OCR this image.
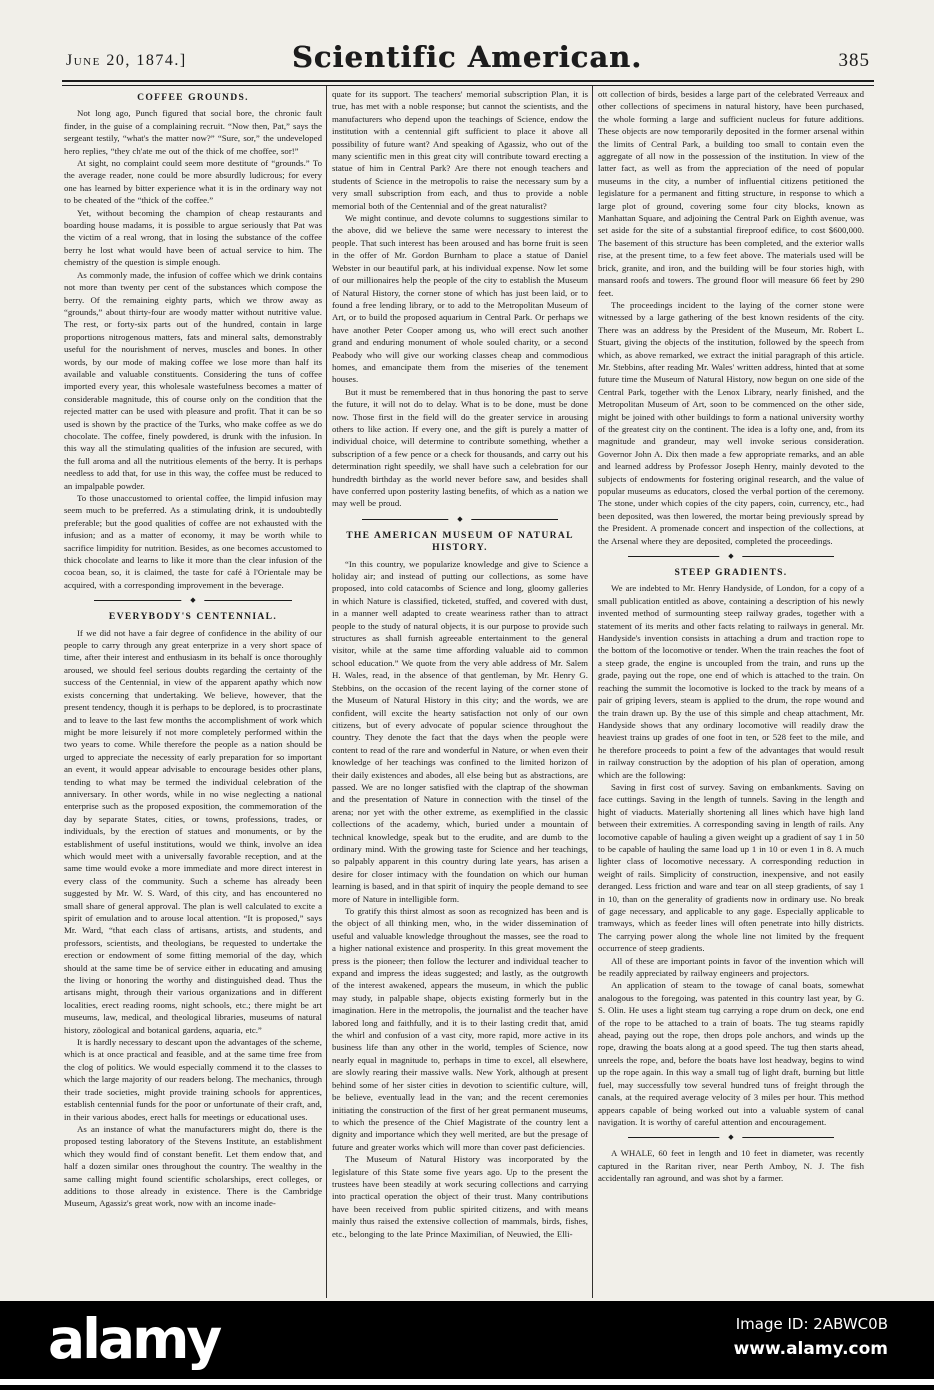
June 20, 1874.]	Scientific American.	385
COFFEE GROUNDS.

Not long ago, Punch figured that social bore, the chronic fault finder, in the guise of a complaining recruit. “Now then, Pat,” says the sergeant testily, “what's the matter now?” “Sure, sor,” the undeveloped hero replies, “they ch'ate me out of the thick of me choffee, sor!”

At sight, no complaint could seem more destitute of “grounds.” To the average reader, none could be more absurdly ludicrous; for every one has learned by bitter experience what it is in the ordinary way not to be cheated of the “thick of the coffee.”

Yet, without becoming the champion of cheap restaurants and boarding house madams, it is possible to argue seriously that Pat was the victim of a real wrong, that in losing the substance of the coffee berry he lost what would have been of actual service to him. The chemistry of the question is simple enough.

As commonly made, the infusion of coffee which we drink contains not more than twenty per cent of the substances which compose the berry. Of the remaining eighty parts, which we throw away as “grounds,” about thirty-four are woody matter without nutritive value. The rest, or forty-six parts out of the hundred, contain in large proportions nitrogenous matters, fats and mineral salts, demonstrably useful for the nourishment of nerves, muscles and bones. In other words, by our mode of making coffee we lose more than half its available and valuable constituents. Considering the tuns of coffee imported every year, this wholesale wastefulness becomes a matter of considerable magnitude, this of course only on the condition that the rejected matter can be used with pleasure and profit. That it can be so used is shown by the practice of the Turks, who make coffee as we do chocolate. The coffee, finely powdered, is drunk with the infusion. In this way all the stimulating qualities of the infusion are secured, with the full aroma and all the nutritious elements of the berry. It is perhaps needless to add that, for use in this way, the coffee must be reduced to an impalpable powder.

To those unaccustomed to oriental coffee, the limpid infusion may seem much to be preferred. As a stimulating drink, it is undoubtedly preferable; but the good qualities of coffee are not exhausted with the infusion; and as a matter of economy, it may be worth while to sacrifice limpidity for nutrition. Besides, as one becomes accustomed to thick chocolate and learns to like it more than the clear infusion of the cocoa bean, so, it is claimed, the taste for café à l'Orientale may be acquired, with a corresponding improvement in the beverage.

◆
EVERYBODY'S CENTENNIAL.

If we did not have a fair degree of confidence in the ability of our people to carry through any great enterprize in a very short space of time, after their interest and enthusiasm in its behalf is once thoroughly aroused, we should feel serious doubts regarding the certainty of the success of the Centennial, in view of the apparent apathy which now exists concerning that undertaking. We believe, however, that the present tendency, though it is perhaps to be deplored, is to procrastinate and to leave to the last few months the accomplishment of work which might be more leisurely if not more completely performed within the two years to come. While therefore the people as a nation should be urged to appreciate the necessity of early preparation for so important an event, it would appear advisable to encourage besides other plans, tending to what may be termed the individual celebration of the anniversary. In other words, while in no wise neglecting a national enterprise such as the proposed exposition, the commemoration of the day by separate States, cities, or towns, professions, trades, or individuals, by the erection of statues and monuments, or by the establishment of useful institutions, would we think, involve an idea which would meet with a universally favorable reception, and at the same time would evoke a more immediate and more direct interest in every class of the community. Such a scheme has already been suggested by Mr. W. S. Ward, of this city, and has encountered no small share of general approval. The plan is well calculated to excite a spirit of emulation and to arouse local attention. “It is proposed,” says Mr. Ward, “that each class of artisans, artists, and students, and professors, scientists, and theologians, be requested to undertake the erection or endowment of some fitting memorial of the day, which should at the same time be of service either in educating and amusing the living or honoring the worthy and distinguished dead. Thus the artisans might, through their various organizations and in different localities, erect reading rooms, night schools, etc.; there might be art museums, law, medical, and theological libraries, museums of natural history, zöological and botanical gardens, aquaria, etc.”

It is hardly necessary to descant upon the advantages of the scheme, which is at once practical and feasible, and at the same time free from the clog of politics. We would especially commend it to the classes to which the large majority of our readers belong. The mechanics, through their trade societies, might provide training schools for apprentices, establish centennial funds for the poor or unfortunate of their craft, and, in their various abodes, erect halls for meetings or educational uses.

As an instance of what the manufacturers might do, there is the proposed testing laboratory of the Stevens Institute, an establishment which they would find of constant benefit. Let them endow that, and half a dozen similar ones throughout the country. The wealthy in the same calling might found scientific scholarships, erect colleges, or additions to those already in existence. There is the Cambridge Museum, Agassiz's great work, now with an income inade-

quate for its support. The teachers' memorial subscription Plan, it is true, has met with a noble response; but cannot the scientists, and the manufacturers who depend upon the teachings of Science, endow the institution with a centennial gift sufficient to place it above all possibility of future want? And speaking of Agassiz, who out of the many scientific men in this great city will contribute toward erecting a statue of him in Central Park? Are there not enough teachers and students of Science in the metropolis to raise the necessary sum by a very small subscription from each, and thus to provide a noble memorial both of the Centennial and of the great naturalist?

We might continue, and devote columns to suggestions similar to the above, did we believe the same were necessary to interest the people. That such interest has been aroused and has borne fruit is seen in the offer of Mr. Gordon Burnham to place a statue of Daniel Webster in our beautiful park, at his individual expense. Now let some of our millionaires help the people of the city to establish the Museum of Natural History, the corner stone of which has just been laid, or to found a free lending library, or to add to the Metropolitan Museum of Art, or to build the proposed aquarium in Central Park. Or perhaps we have another Peter Cooper among us, who will erect such another grand and enduring monument of whole souled charity, or a second Peabody who will give our working classes cheap and commodious homes, and emancipate them from the miseries of the tenement houses.

But it must be remembered that in thus honoring the past to serve the future, it will not do to delay. What is to be done, must be done now. Those first in the field will do the greater service in arousing others to like action. If every one, and the gift is purely a matter of individual choice, will determine to contribute something, whether a subscription of a few pence or a check for thousands, and carry out his determination right speedily, we shall have such a celebration for our hundredth birthday as the world never before saw, and besides shall have conferred upon posterity lasting benefits, of which as a nation we may well be proud.

◆
THE AMERICAN MUSEUM OF NATURAL HISTORY.

“In this country, we popularize knowledge and give to Science a holiday air; and instead of putting our collections, as some have proposed, into cold catacombs of Science and long, gloomy galleries in which Nature is classified, ticketed, stuffed, and covered with dust, in a manner well adapted to create weariness rather than to attract people to the study of natural objects, it is our purpose to provide such structures as shall furnish agreeable entertainment to the general visitor, while at the same time affording valuable aid to common school education.” We quote from the very able address of Mr. Salem H. Wales, read, in the absence of that gentleman, by Mr. Henry G. Stebbins, on the occasion of the recent laying of the corner stone of the Museum of Natural History in this city; and the words, we are confident, will excite the hearty satisfaction not only of our own citizens, but of every advocate of popular science throughout the country. They denote the fact that the days when the people were content to read of the rare and wonderful in Nature, or when even their knowledge of her teachings was confined to the limited horizon of their daily existences and abodes, all else being but as abstractions, are passed. We are no longer satisfied with the claptrap of the showman and the presentation of Nature in connection with the tinsel of the arena; nor yet with the other extreme, as exemplified in the classic collections of the academy, which, buried under a mountain of technical knowledge, speak but to the erudite, and are dumb to the ordinary mind. With the growing taste for Science and her teachings, so palpably apparent in this country during late years, has arisen a desire for closer intimacy with the foundation on which our human learning is based, and in that spirit of inquiry the people demand to see more of Nature in intelligible form.

To gratify this thirst almost as soon as recognized has been and is the object of all thinking men, who, in the wider dissemination of useful and valuable knowledge throughout the masses, see the road to a higher national existence and prosperity. In this great movement the press is the pioneer; then follow the lecturer and individual teacher to expand and impress the ideas suggested; and lastly, as the outgrowth of the interest awakened, appears the museum, in which the public may study, in palpable shape, objects existing formerly but in the imagination. Here in the metropolis, the journalist and the teacher have labored long and faithfully, and it is to their lasting credit that, amid the whirl and confusion of a vast city, more rapid, more active in its business life than any other in the world, temples of Science, now nearly equal in magnitude to, perhaps in time to excel, all elsewhere, are slowly rearing their massive walls. New York, although at present behind some of her sister cities in devotion to scientific culture, will, be believe, eventually lead in the van; and the recent ceremonies initiating the construction of the first of her great permanent museums, to which the presence of the Chief Magistrate of the country lent a dignity and importance which they well merited, are but the presage of future and greater works which will more than cover past deficiencies.

The Museum of Natural History was incorporated by the legislature of this State some five years ago. Up to the present the trustees have been steadily at work securing collections and carrying into practical operation the object of their trust. Many contributions have been received from public spirited citizens, and with means mainly thus raised the extensive collection of mammals, birds, fishes, etc., belonging to the late Prince Maximilian, of Neuwied, the Elli-

ott collection of birds, besides a large part of the celebrated Verreaux and other collections of specimens in natural history, have been purchased, the whole forming a large and sufficient nucleus for future additions. These objects are now temporarily deposited in the former arsenal within the limits of Central Park, a building too small to contain even the aggregate of all now in the possession of the institution. In view of the latter fact, as well as from the appreciation of the need of popular museums in the city, a number of influential citizens petitioned the legislature for a permanent and fitting structure, in response to which a large plot of ground, covering some four city blocks, known as Manhattan Square, and adjoining the Central Park on Eighth avenue, was set aside for the site of a substantial fireproof edifice, to cost $600,000. The basement of this structure has been completed, and the exterior walls rise, at the present time, to a few feet above. The materials used will be brick, granite, and iron, and the building will be four stories high, with mansard roofs and towers. The ground floor will measure 66 feet by 290 feet.

The proceedings incident to the laying of the corner stone were witnessed by a large gathering of the best known residents of the city. There was an address by the President of the Museum, Mr. Robert L. Stuart, giving the objects of the institution, followed by the speech from which, as above remarked, we extract the initial paragraph of this article. Mr. Stebbins, after reading Mr. Wales' written address, hinted that at some future time the Museum of Natural History, now begun on one side of the Central Park, together with the Lenox Library, nearly finished, and the Metropolitan Museum of Art, soon to be commenced on the other side, might be joined with other buildings to form a national university worthy of the greatest city on the continent. The idea is a lofty one, and, from its magnitude and grandeur, may well invoke serious consideration. Governor John A. Dix then made a few appropriate remarks, and an able and learned address by Professor Joseph Henry, mainly devoted to the subjects of endowments for fostering original research, and the value of popular museums as educators, closed the verbal portion of the ceremony. The stone, under which copies of the city papers, coin, currency, etc., had been deposited, was then lowered, the mortar being previously spread by the President. A promenade concert and inspection of the collections, at the Arsenal where they are deposited, completed the proceedings.

◆
STEEP GRADIENTS.

We are indebted to Mr. Henry Handyside, of London, for a copy of a small publication entitled as above, containing a description of his newly invented method of surmounting steep railway grades, together with a statement of its merits and other facts relating to railways in general. Mr. Handyside's invention consists in attaching a drum and traction rope to the bottom of the locomotive or tender. When the train reaches the foot of a steep grade, the engine is uncoupled from the train, and runs up the grade, paying out the rope, one end of which is attached to the train. On reaching the summit the locomotive is locked to the track by means of a pair of griping levers, steam is applied to the drum, the rope wound and the train drawn up. By the use of this simple and cheap attachment, Mr. Handyside shows that any ordinary locomotive will readily draw the heaviest trains up grades of one foot in ten, or 528 feet to the mile, and he therefore proceeds to point a few of the advantages that would result in railway construction by the adoption of his plan of operation, among which are the following:

Saving in first cost of survey. Saving on embankments. Saving on face cuttings. Saving in the length of tunnels. Saving in the length and hight of viaducts. Materially shortening all lines which have high land between their extremities. A corresponding saving in length of rails. Any locomotive capable of hauling a given weight up a gradient of say 1 in 50 to be capable of hauling the same load up 1 in 10 or even 1 in 8. A much lighter class of locomotive necessary. A corresponding reduction in weight of rails. Simplicity of construction, inexpensive, and not easily deranged. Less friction and ware and tear on all steep gradients, of say 1 in 10, than on the generality of gradients now in ordinary use. No break of gage necessary, and applicable to any gage. Especially applicable to tramways, which as feeder lines will often penetrate into hilly districts. The carrying power along the whole line not limited by the frequent occurrence of steep gradients.

All of these are important points in favor of the invention which will be readily appreciated by railway engineers and projectors.

An application of steam to the towage of canal boats, somewhat analogous to the foregoing, was patented in this country last year, by G. S. Olin. He uses a light steam tug carrying a rope drum on deck, one end of the rope to be attached to a train of boats. The tug steams rapidly ahead, paying out the rope, then drops pole anchors, and winds up the rope, drawing the boats along at a good speed. The tug then starts ahead, unreels the rope, and, before the boats have lost headway, begins to wind up the rope again. In this way a small tug of light draft, burning but little fuel, may successfully tow several hundred tuns of freight through the canals, at the required average velocity of 3 miles per hour. This method appears capable of being worked out into a valuable system of canal navigation. It is worthy of careful attention and encouragement.

◆

A WHALE, 60 feet in length and 10 feet in diameter, was recently captured in the Raritan river, near Perth Amboy, N. J. The fish accidentally ran aground, and was shot by a farmer.

alamy	Image ID: 2ABWC0B

www.alamy.com
